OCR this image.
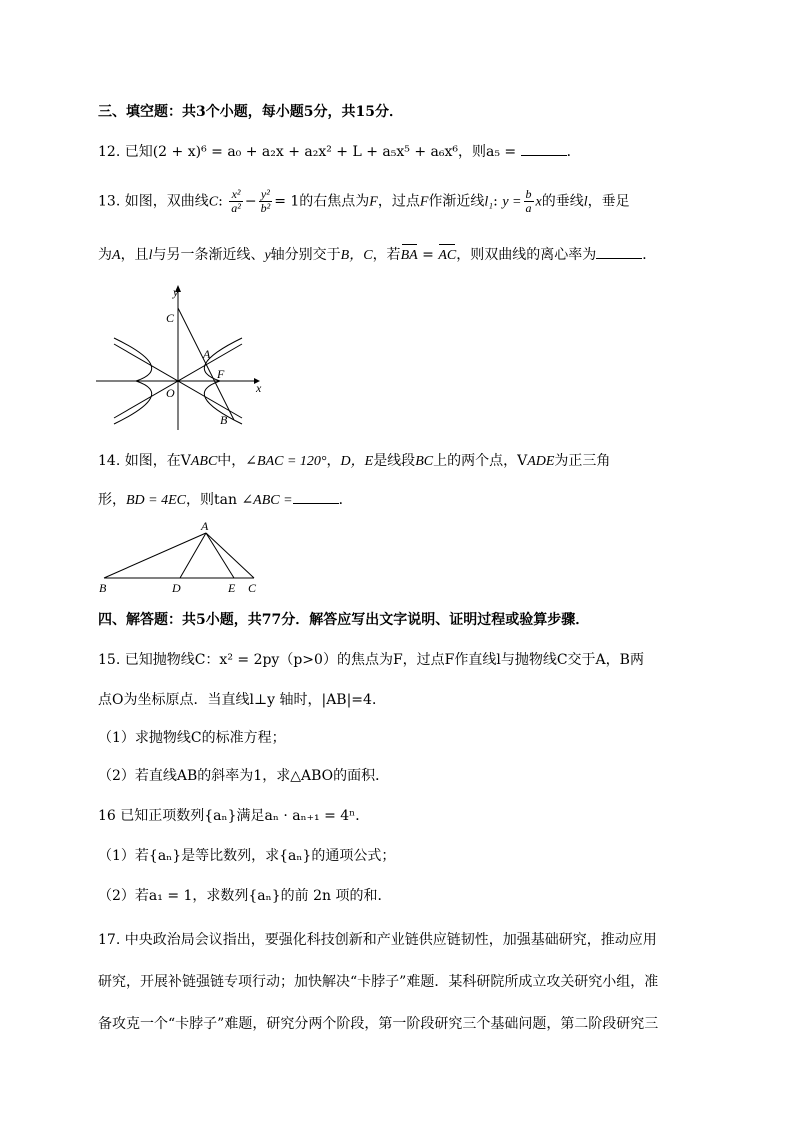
三、填空题：共3个小题，每小题5分，共15分．
12. 已知(2 + x)⁶ = a₀ + a₂x + a₂x² + L + a₅x⁵ + a₆x⁶，则a₅ =	．
13. 如图，双曲线C: $\frac{\text{x²}}{\text{a²}} - \frac{\text{y²}}{\text{b²}} = 1$的右焦点为F，过点F作渐近线l₁: $y = \frac{b}{a}$ x的垂线l，垂足
为A，且l与另一条渐近线、y轴分别交于B，C，若BA = AC，则双曲线的离心率为	．
y
x
C
A
F
O
B
14. 如图，在VABC中，∠BAC = 120°，D，E是线段BC上的两个点，VADE为正三角
形，BD = 4EC，则tan ∠ABC =	．
A
B	D	E C
四、解答题：共5小题，共77分．解答应写出文字说明、证明过程或验算步骤．
15. 已知抛物线C：x² = 2py（p>0）的焦点为F，过点F作直线l与抛物线C交于A，B两
点O为坐标原点．当直线l⊥y 轴时，|AB|=4．
（1）求抛物线C的标准方程；
（2）若直线AB的斜率为1，求△ABO的面积．
16 已知正项数列{aₙ}满足aₙ · aₙ₊₁ = 4ⁿ．
（1）若{aₙ}是等比数列，求{aₙ}的通项公式；
（2）若a₁ = 1，求数列{aₙ}的前 2n 项的和．
17. 中央政治局会议指出，要强化科技创新和产业链供应链韧性，加强基础研究，推动应用
研究，开展补链强链专项行动；加快解决“卡脖子”难题．某科研院所成立攻关研究小组，准
备攻克一个“卡脖子”难题，研究分两个阶段，第一阶段研究三个基础问题，第二阶段研究三
